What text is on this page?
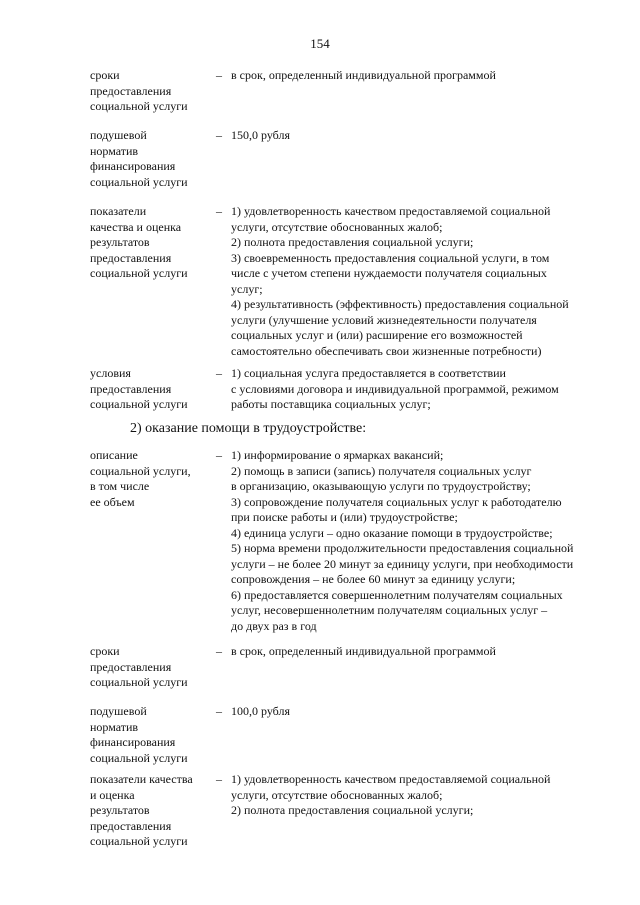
154
сроки
предоставления
социальной услуги
– в срок, определенный индивидуальной программой
подушевой
норматив
финансирования
социальной услуги
– 150,0 рубля
показатели
качества и оценка
результатов
предоставления
социальной услуги
– 1) удовлетворенность качеством предоставляемой социальной
услуги, отсутствие обоснованных жалоб;
2) полнота предоставления социальной услуги;
3) своевременность предоставления социальной услуги, в том
числе с учетом степени нуждаемости получателя социальных
услуг;
4) результативность (эффективность) предоставления социальной
услуги (улучшение условий жизнедеятельности получателя
социальных услуг и (или) расширение его возможностей
самостоятельно обеспечивать свои жизненные потребности)
условия
предоставления
социальной услуги
– 1) социальная услуга предоставляется в соответствии
с условиями договора и индивидуальной программой, режимом
работы поставщика социальных услуг;
2) оказание помощи в трудоустройстве:
описание
социальной услуги,
в том числе
ее объем
– 1) информирование о ярмарках вакансий;
2) помощь в записи (запись) получателя социальных услуг
в организацию, оказывающую услуги по трудоустройству;
3) сопровождение получателя социальных услуг к работодателю
при поиске работы и (или) трудоустройстве;
4) единица услуги – одно оказание помощи в трудоустройстве;
5) норма времени продолжительности предоставления социальной
услуги – не более 20 минут за единицу услуги, при необходимости
сопровождения – не более 60 минут за единицу услуги;
6) предоставляется совершеннолетним получателям социальных
услуг, несовершеннолетним получателям социальных услуг –
до двух раз в год
сроки
предоставления
социальной услуги
– в срок, определенный индивидуальной программой
подушевой
норматив
финансирования
социальной услуги
– 100,0 рубля
показатели качества
и оценка
результатов
предоставления
социальной услуги
– 1) удовлетворенность качеством предоставляемой социальной
услуги, отсутствие обоснованных жалоб;
2) полнота предоставления социальной услуги;
